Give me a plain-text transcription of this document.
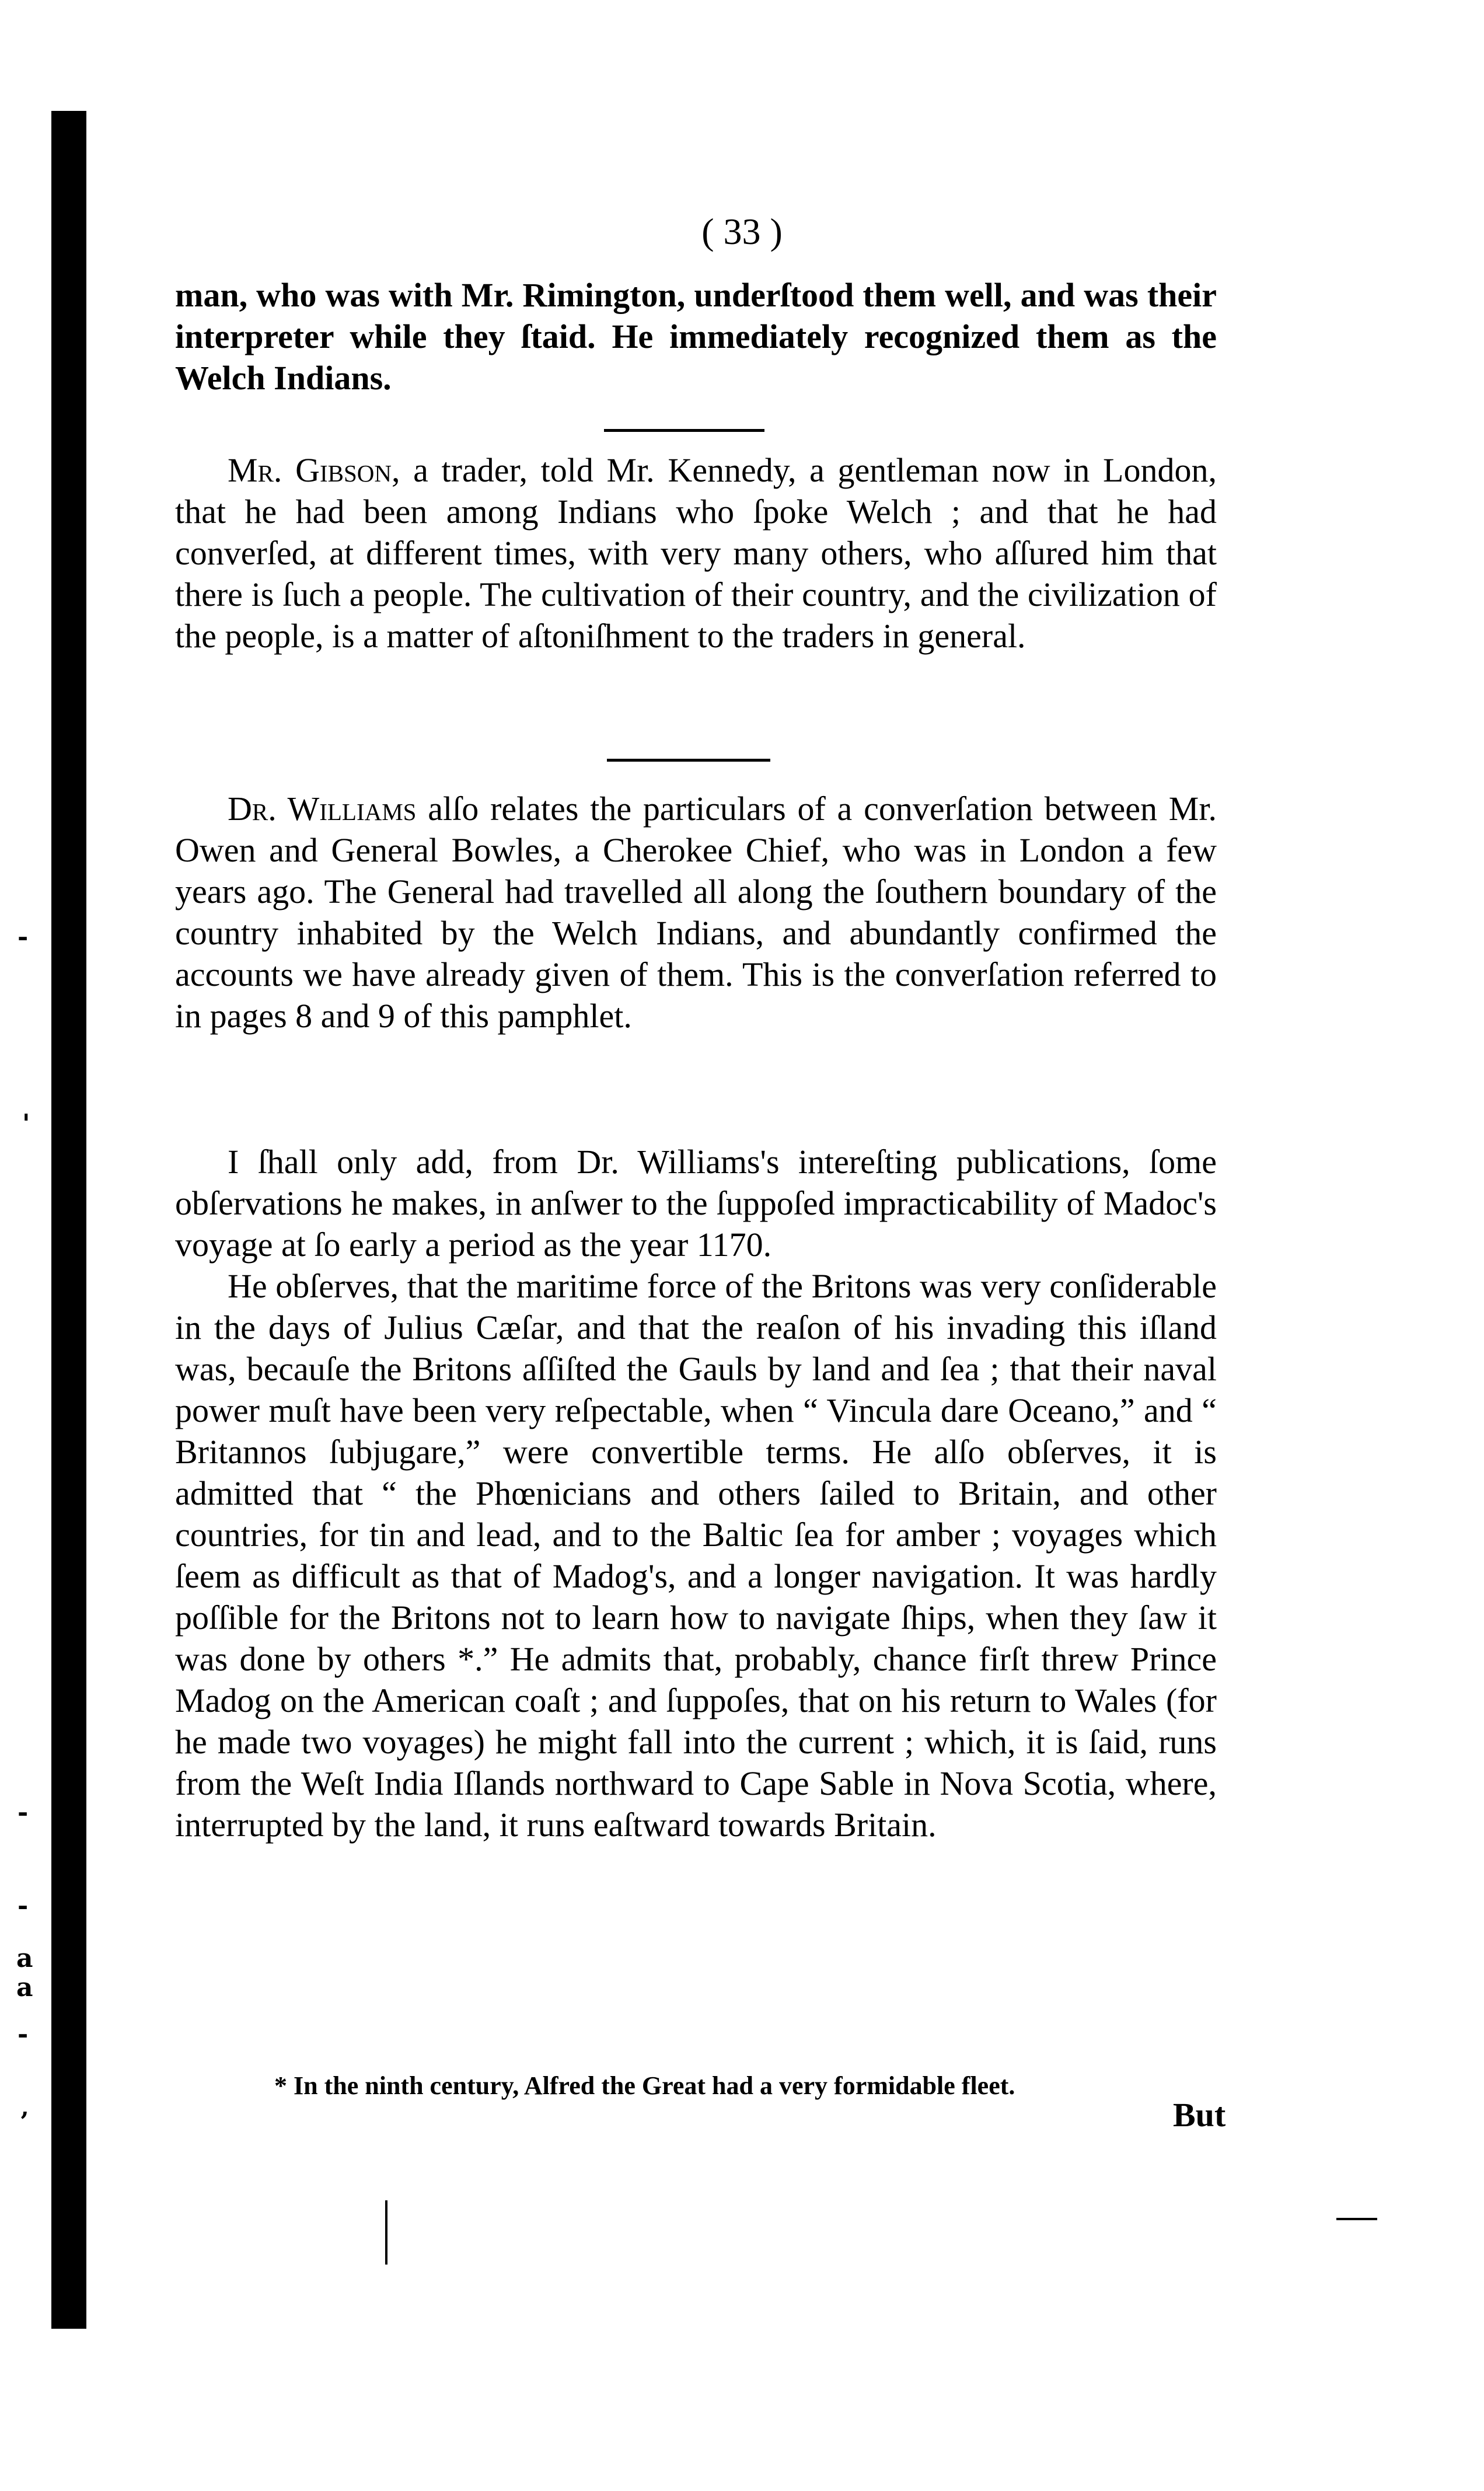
-
'
-
-
a
a
-
’
( 33 )

man, who was with Mr. Rimington, underſtood them well, and was their interpreter while they ſtaid. He immediately recognized them as the Welch Indians.

Mr. Gibson, a trader, told Mr. Kennedy, a gentleman now in London, that he had been among Indians who ſpoke Welch ; and that he had converſed, at different times, with very many others, who aſſured him that there is ſuch a people. The cultivation of their country, and the civilization of the people, is a matter of aſtoniſhment to the traders in general.

Dr. Williams alſo relates the particulars of a converſation between Mr. Owen and General Bowles, a Cherokee Chief, who was in London a few years ago. The General had travelled all along the ſouthern boundary of the country inhabited by the Welch Indians, and abundantly confirmed the accounts we have already given of them. This is the converſation referred to in pages 8 and 9 of this pamphlet.

I ſhall only add, from Dr. Williams's intereſting publications, ſome obſervations he makes, in anſwer to the ſuppoſed impracticability of Madoc's voyage at ſo early a period as the year 1170.

He obſerves, that the maritime force of the Britons was very conſiderable in the days of Julius Cæſar, and that the reaſon of his invading this iſland was, becauſe the Britons aſſiſted the Gauls by land and ſea ; that their naval power muſt have been very reſpectable, when “ Vincula dare Oceano,” and “ Britannos ſubjugare,” were convertible terms. He alſo obſerves, it is admitted that “ the Phœnicians and others ſailed to Britain, and other countries, for tin and lead, and to the Baltic ſea for amber ; voyages which ſeem as difficult as that of Madog's, and a longer navigation. It was hardly poſſible for the Britons not to learn how to navigate ſhips, when they ſaw it was done by others *.” He admits that, probably, chance firſt threw Prince Madog on the American coaſt ; and ſuppoſes, that on his return to Wales (for he made two voyages) he might fall into the current ; which, it is ſaid, runs from the Weſt India Iſlands northward to Cape Sable in Nova Scotia, where, interrupted by the land, it runs eaſtward towards Britain.

* In the ninth century, Alfred the Great had a very formidable fleet.
But
